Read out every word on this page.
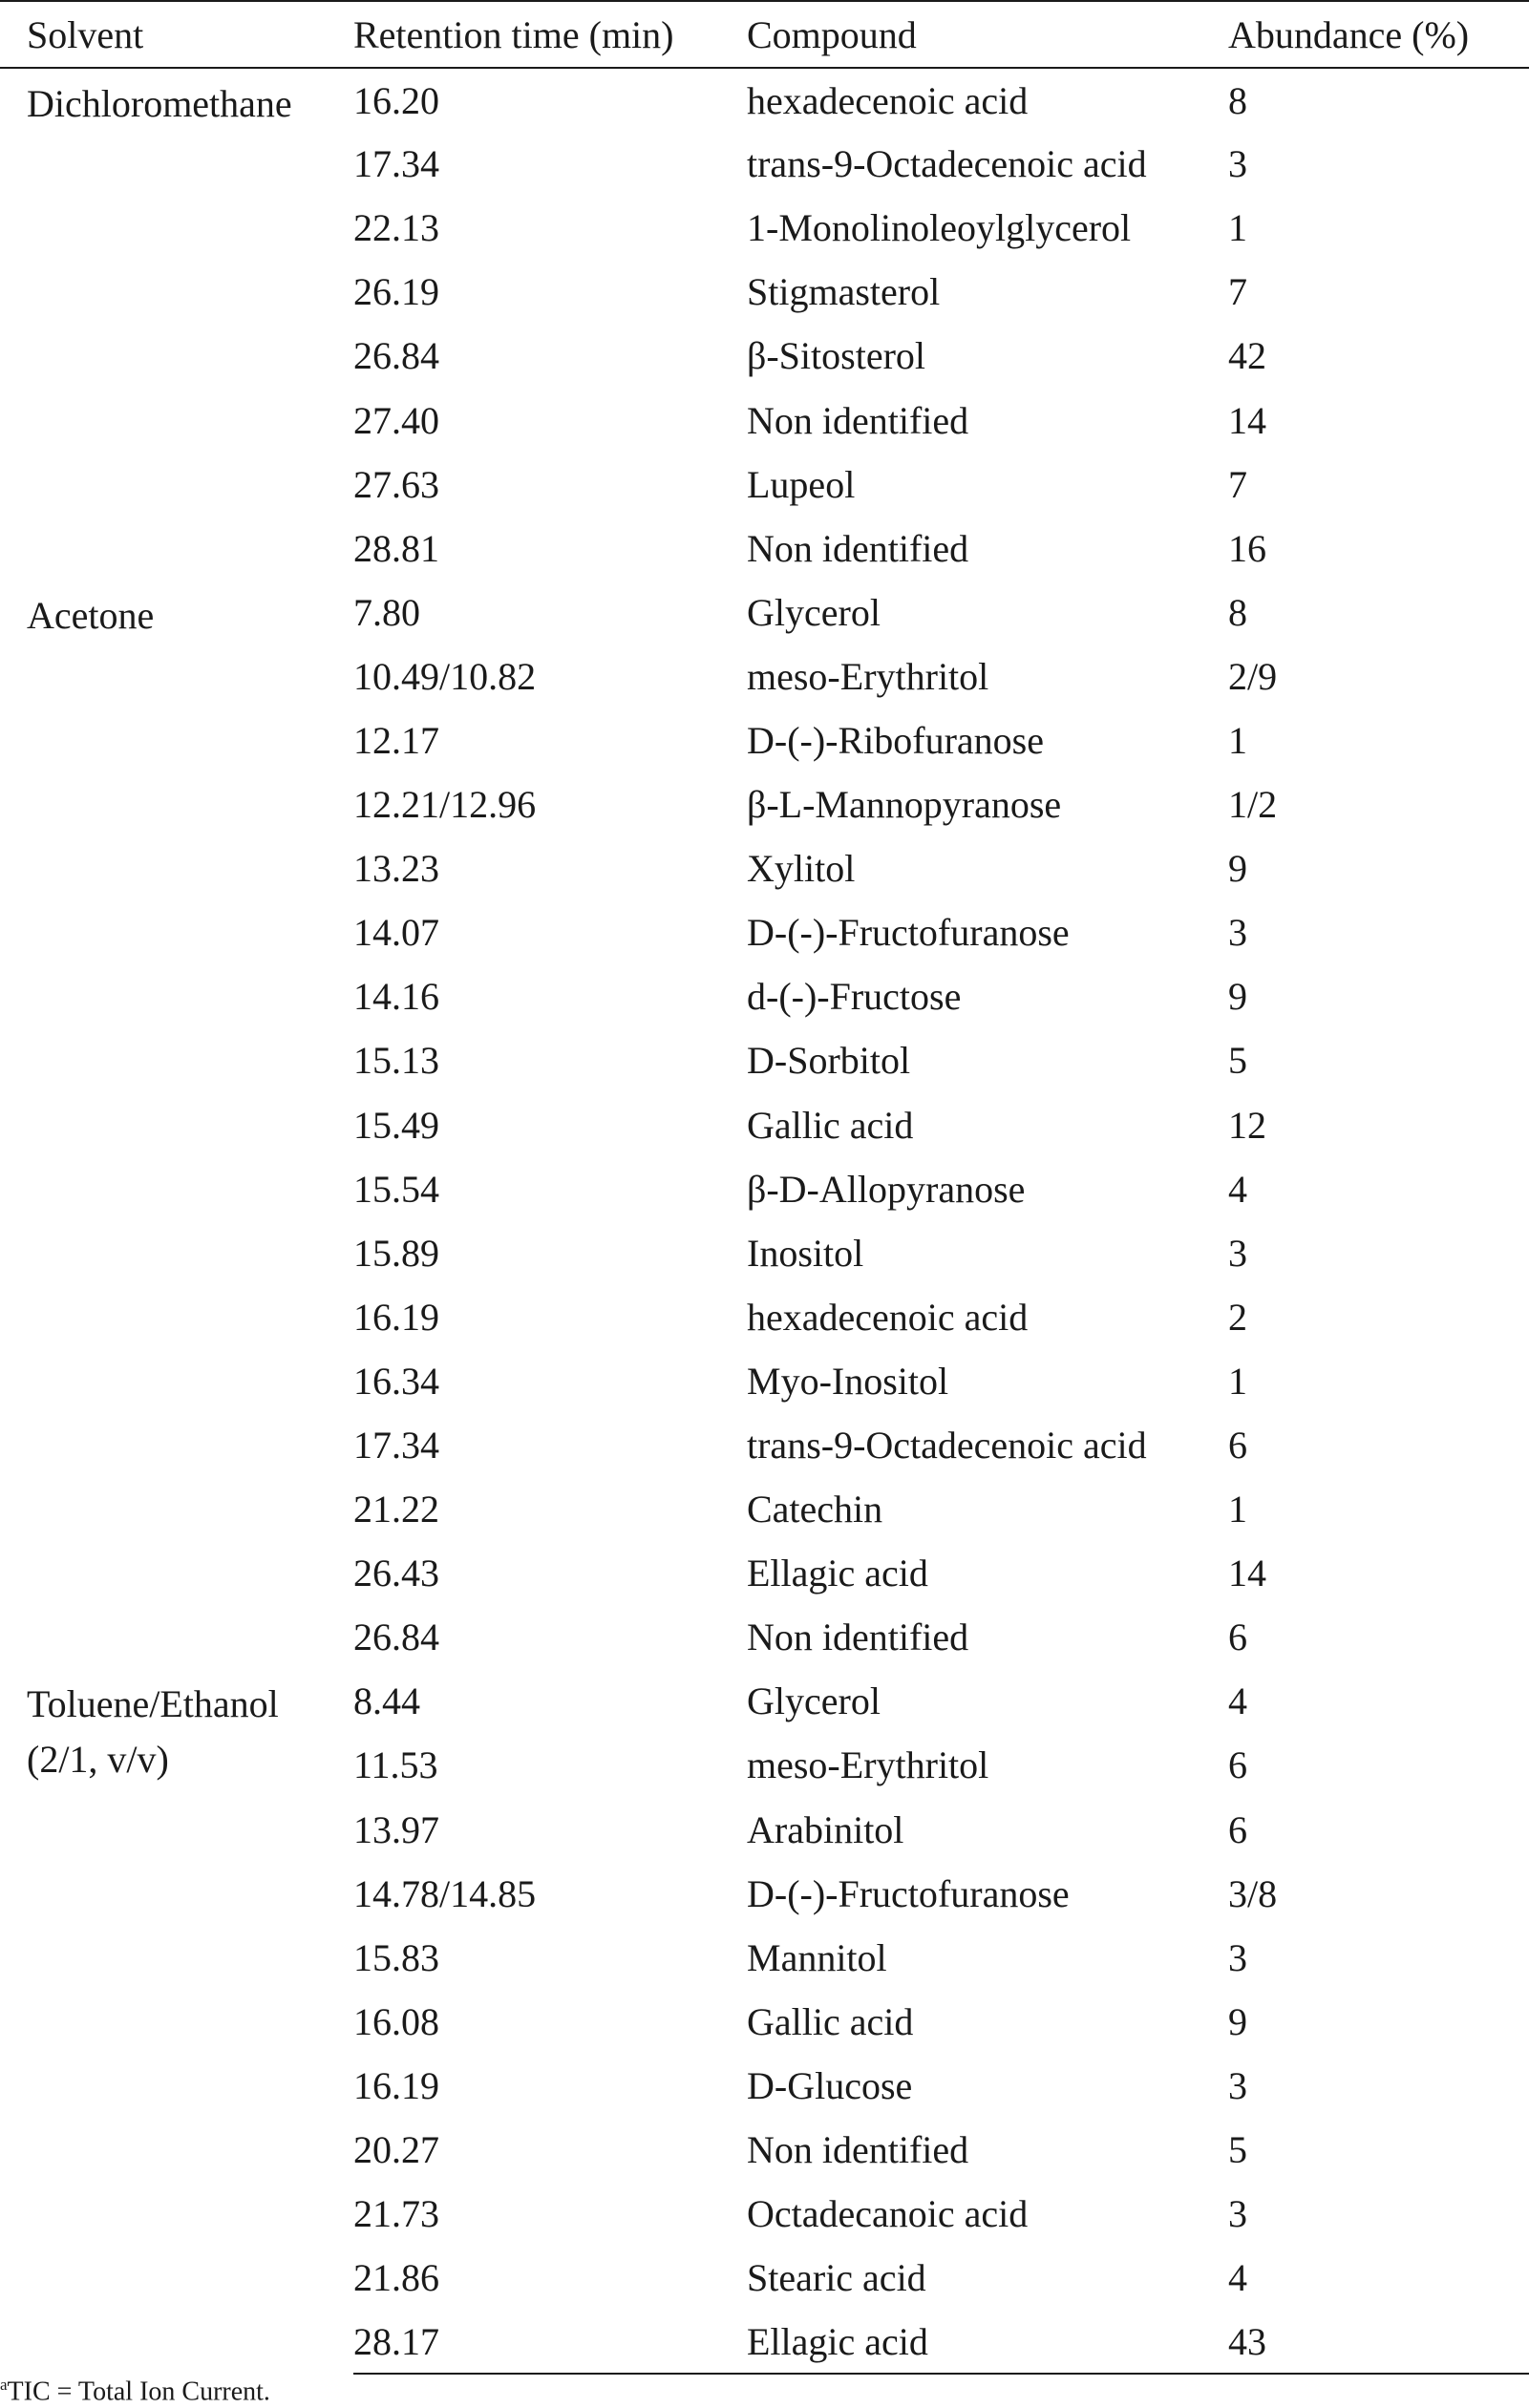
Solvent	Retention time (min)	Compound	Abundance (%)
Dichloromethane	16.20	hexadecenoic acid	8
	17.34	trans-9-Octadecenoic acid	3
	22.13	1-Monolinoleoylglycerol	1
	26.19	Stigmasterol	7
	26.84	β-Sitosterol	42
	27.40	Non identified	14
	27.63	Lupeol	7
	28.81	Non identified	16
Acetone	7.80	Glycerol	8
	10.49/10.82	meso-Erythritol	2/9
	12.17	D-(-)-Ribofuranose	1
	12.21/12.96	β-L-Mannopyranose	1/2
	13.23	Xylitol	9
	14.07	D-(-)-Fructofuranose	3
	14.16	d-(-)-Fructose	9
	15.13	D-Sorbitol	5
	15.49	Gallic acid	12
	15.54	β-D-Allopyranose	4
	15.89	Inositol	3
	16.19	hexadecenoic acid	2
	16.34	Myo-Inositol	1
	17.34	trans-9-Octadecenoic acid	6
	21.22	Catechin	1
	26.43	Ellagic acid	14
	26.84	Non identified	6
Toluene/Ethanol (2/1, v/v)	8.44	Glycerol	4
	11.53	meso-Erythritol	6
	13.97	Arabinitol	6
	14.78/14.85	D-(-)-Fructofuranose	3/8
	15.83	Mannitol	3
	16.08	Gallic acid	9
	16.19	D-Glucose	3
	20.27	Non identified	5
	21.73	Octadecanoic acid	3
	21.86	Stearic acid	4
	28.17	Ellagic acid	43
$^a$TIC = Total Ion Current.
